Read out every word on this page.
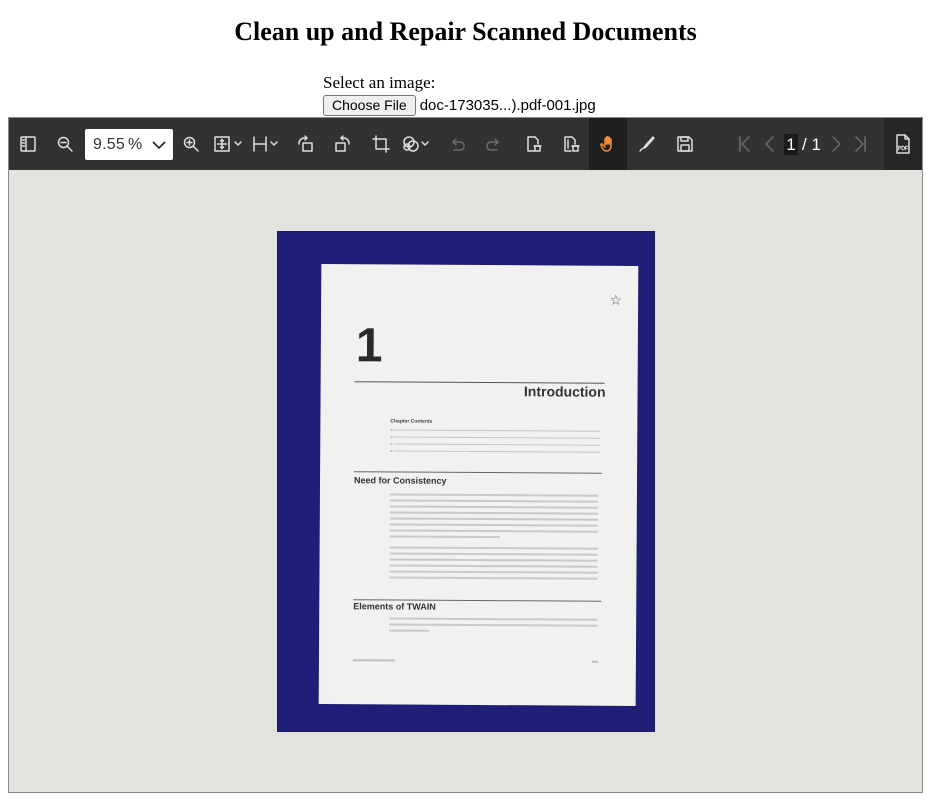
Clean up and Repair Scanned Documents
Select an image:
Choose File doc-173035...).pdf-001.jpg
9.55 %	1 / 1	PDF
☆
1
Introduction
Chapter Contents
Need for Consistency
Elements of TWAIN
